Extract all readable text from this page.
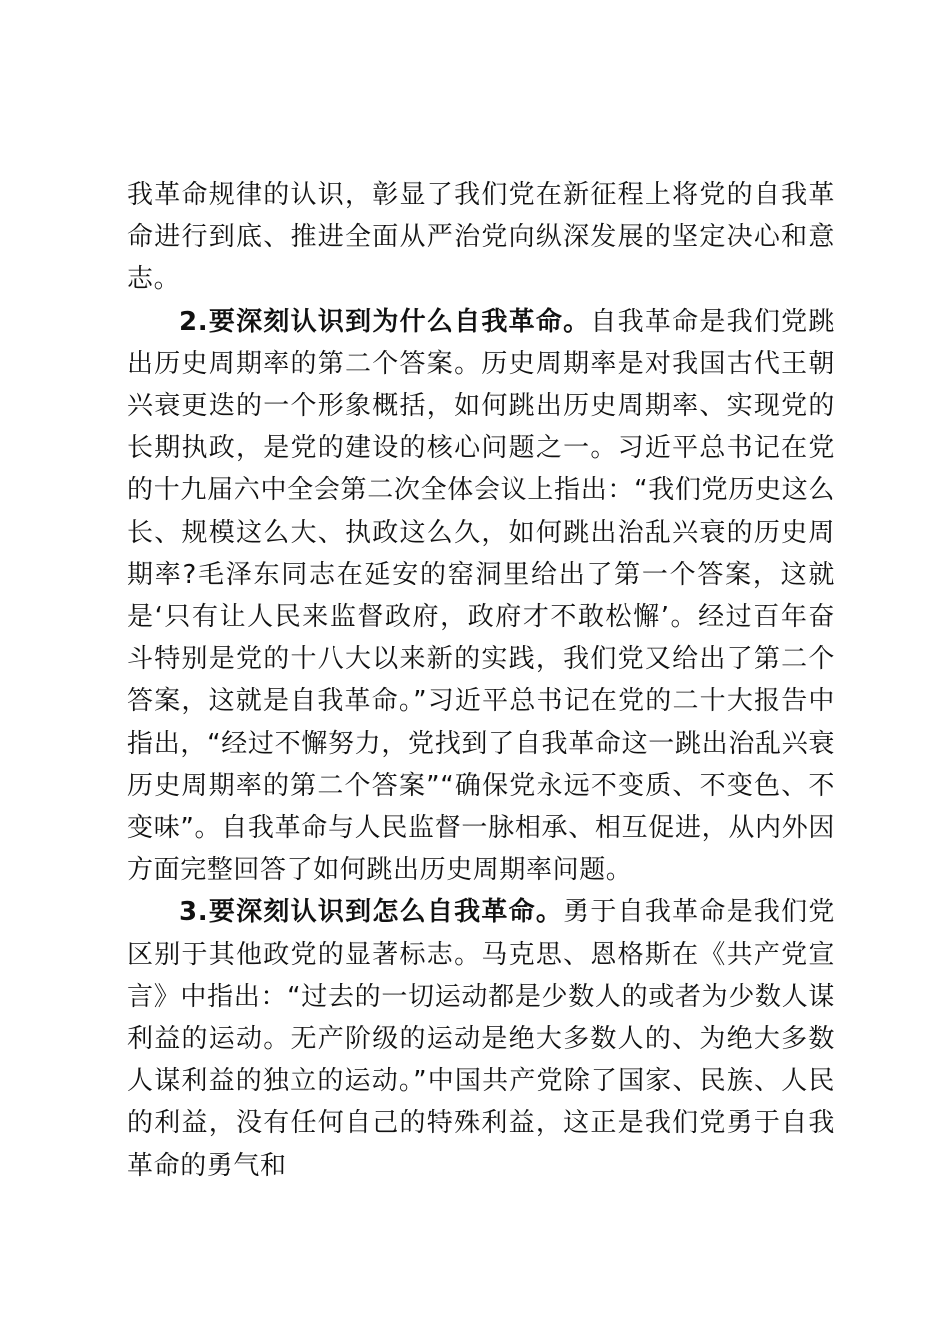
我革命规律的认识，彰显了我们党在新征程上将党的自我革命进行到底、推进全面从严治党向纵深发展的坚定决心和意志。

2.要深刻认识到为什么自我革命。自我革命是我们党跳出历史周期率的第二个答案。历史周期率是对我国古代王朝兴衰更迭的一个形象概括，如何跳出历史周期率、实现党的长期执政，是党的建设的核心问题之一。习近平总书记在党的十九届六中全会第二次全体会议上指出：“我们党历史这么长、规模这么大、执政这么久，如何跳出治乱兴衰的历史周期率?毛泽东同志在延安的窑洞里给出了第一个答案，这就是‘只有让人民来监督政府，政府才不敢松懈’。经过百年奋斗特别是党的十八大以来新的实践，我们党又给出了第二个答案，这就是自我革命。”习近平总书记在党的二十大报告中指出，“经过不懈努力，党找到了自我革命这一跳出治乱兴衰历史周期率的第二个答案”“确保党永远不变质、不变色、不变味”。自我革命与人民监督一脉相承、相互促进，从内外因方面完整回答了如何跳出历史周期率问题。

3.要深刻认识到怎么自我革命。勇于自我革命是我们党区别于其他政党的显著标志。马克思、恩格斯在《共产党宣言》中指出：“过去的一切运动都是少数人的或者为少数人谋利益的运动。无产阶级的运动是绝大多数人的、为绝大多数人谋利益的独立的运动。”中国共产党除了国家、民族、人民的利益，没有任何自己的特殊利益，这正是我们党勇于自我革命的勇气和
